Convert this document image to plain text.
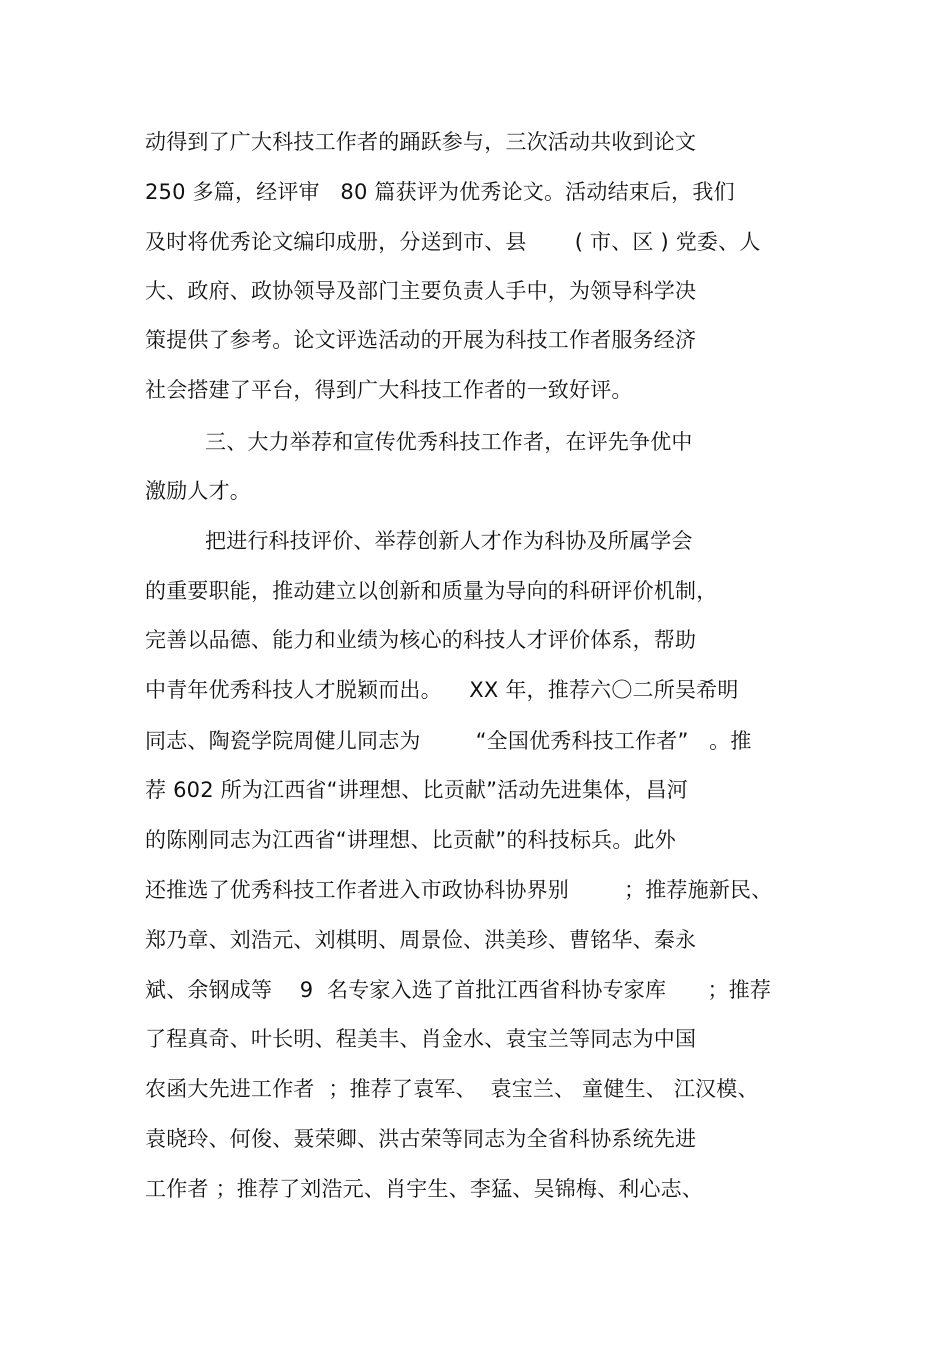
动得到了广大科技工作者的踊跃参与，三次活动共收到论文
250 多篇，经评审   80 篇获评为优秀论文。活动结束后，我们
及时将优秀论文编印成册，分送到市、县       ( 市、区 ) 党委、人
大、政府、政协领导及部门主要负责人手中，为领导科学决
策提供了参考。论文评选活动的开展为科技工作者服务经济
社会搭建了平台，得到广大科技工作者的一致好评。
三、大力举荐和宣传优秀科技工作者，在评先争优中
激励人才。
把进行科技评价、举荐创新人才作为科协及所属学会
的重要职能，推动建立以创新和质量为导向的科研评价机制，
完善以品德、能力和业绩为核心的科技人才评价体系，帮助
中青年优秀科技人才脱颖而出。    XX 年，推荐六〇二所吴希明
同志、陶瓷学院周健儿同志为        “全国优秀科技工作者”   。推
荐 602 所为江西省“讲理想、比贡献”活动先进集体，昌河
的陈刚同志为江西省“讲理想、比贡献”的科技标兵。此外
还推选了优秀科技工作者进入市政协科协界别        ；推荐施新民、
郑乃章、刘浩元、刘棋明、周景俭、洪美珍、曹铭华、秦永
斌、余钢成等    9  名专家入选了首批江西省科协专家库      ；推荐
了程真奇、叶长明、程美丰、肖金水、袁宝兰等同志为中国
农函大先进工作者  ；推荐了袁军、  袁宝兰、 童健生、 江汉模、
袁晓玲、何俊、聂荣卿、洪古荣等同志为全省科协系统先进
工作者 ；推荐了刘浩元、肖宇生、李猛、吴锦梅、利心志、
